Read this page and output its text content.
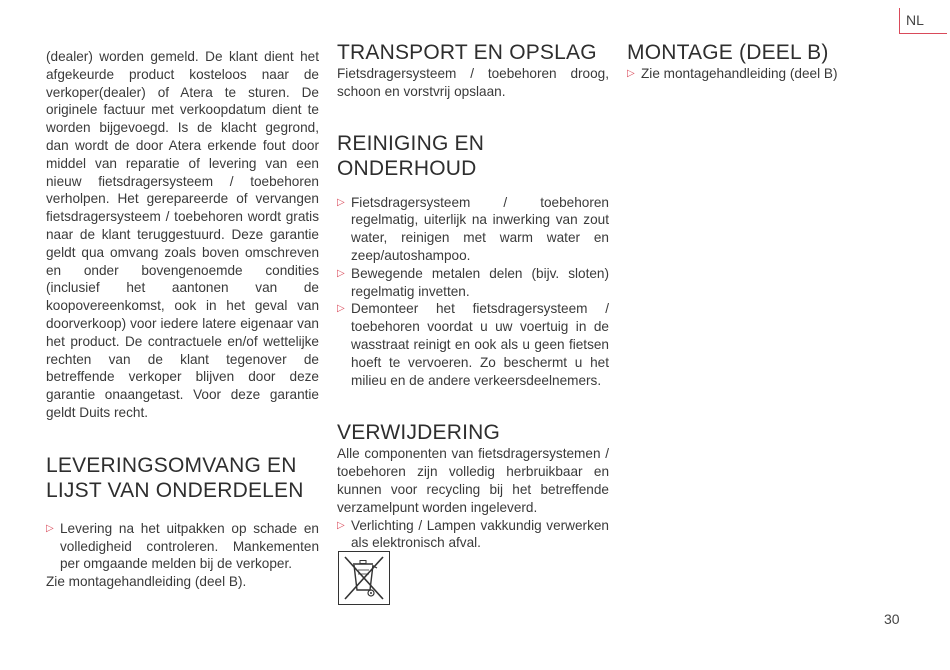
NL

(dealer) worden gemeld. De klant dient het afgekeurde product kosteloos naar de verkoper(dealer) of Atera te sturen. De originele factuur met verkoopdatum dient te worden bijgevoegd. Is de klacht gegrond, dan wordt de door Atera erkende fout door middel van reparatie of levering van een nieuw fietsdragersysteem / toebehoren verholpen. Het gerepareerde of vervangen fietsdragersysteem / toebehoren wordt gratis naar de klant teruggestuurd. Deze garantie geldt qua omvang zoals boven omschreven en onder bovengenoemde condities (inclusief het aantonen van de koopovereenkomst, ook in het geval van doorverkoop) voor iedere latere eigenaar van het product. De contractuele en/of wettelijke rechten van de klant tegenover de betreffende verkoper blijven door deze garantie onaangetast. Voor deze garantie geldt Duits recht.

LEVERINGSOMVANG EN LIJST VAN ONDERDELEN
▷ Levering na het uitpakken op schade en volledigheid controleren. Mankementen per omgaande melden bij de verkoper.

Zie montagehandleiding (deel B).

TRANSPORT EN OPSLAG

Fietsdragersysteem / toebehoren droog, schoon en vorstvrij opslaan.

REINIGING EN ONDERHOUD
▷ Fietsdragersysteem / toebehoren regelmatig, uiterlijk na inwerking van zout water, reinigen met warm water en zeep/autoshampoo.
▷ Bewegende metalen delen (bijv. sloten) regelmatig invetten.
▷ Demonteer het fietsdragersysteem / toebehoren voordat u uw voertuig in de wasstraat reinigt en ook als u geen fietsen hoeft te vervoeren. Zo beschermt u het milieu en de andere verkeersdeelnemers.
VERWIJDERING

Alle componenten van fietsdragersystemen / toebehoren zijn volledig herbruikbaar en kunnen voor recycling bij het betreffende verzamelpunt worden ingeleverd.

▷ Verlichting / Lampen vakkundig verwerken als elektronisch afval.
MONTAGE (DEEL B)
▷ Zie montagehandleiding (deel B)
30
